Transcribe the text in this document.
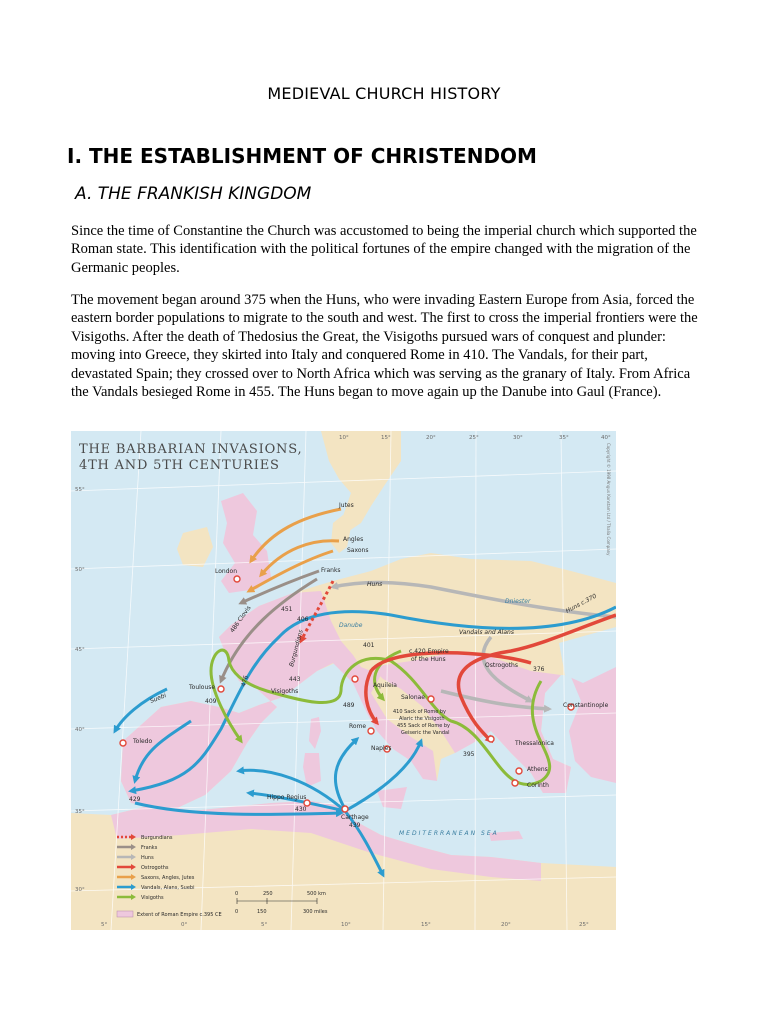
MEDIEVAL CHURCH HISTORY
I. THE ESTABLISHMENT OF CHRISTENDOM
A. THE FRANKISH KINGDOM

Since the time of Constantine the Church was accustomed to being the imperial church which supported the Roman state. This identification with the political fortunes of the empire changed with the migration of the Germanic peoples.

The movement began around 375 when the Huns, who were invading Eastern Europe from Asia, forced the eastern border populations to migrate to the south and west. The first to cross the imperial frontiers were the Visigoths. After the death of Thedosius the Great, the Visigoths pursued wars of conquest and plunder: moving into Greece, they skirted into Italy and conquered Rome in 410. The Vandals, for their part, devastated Spain; they crossed over to North Africa which was serving as the granary of Italy. From Africa the Vandals besieged Rome in 455. The Huns began to move again up the Danube into Gaul (France).

THE BARBARIAN INVASIONS,
4TH AND 5TH CENTURIES	Copyright © 1998 Angus Konstam Ltd / Thalia Company
10°	15°	20°	25°	30°	35°	40°
55°
50°
45°
40°
35°
30°
5°	0°	5°	10°	15°	20°	25°
Jutes
Angles
Saxons
London	Franks
Huns
Huns c.370
Dniester
486 Clovis	451
406
Burgundians
Danube
401
Vandals and Alans
c.420 Empire
of the Huns
Ostrogoths
376
443
476
Toulouse
409
Visigoths
Aquileia
Salonae
Suebi
489
410 Sack of Rome by
Alaric the Visigoth
455 Sack of Rome by
Geiseric the Vandal
Constantinople
Rome
Toledo
Naples
Thessalonica
395
Athens
Corinth
429	Hippo Regius
430
Carthage
439
MEDITERRANEAN SEA
Burgundians
Franks
Huns
Ostrogoths
Saxons, Angles, Jutes
Vandals, Alans, Suebi
Visigoths
Extent of Roman Empire c.395 CE
0	250	500 km
0	150	300 miles
